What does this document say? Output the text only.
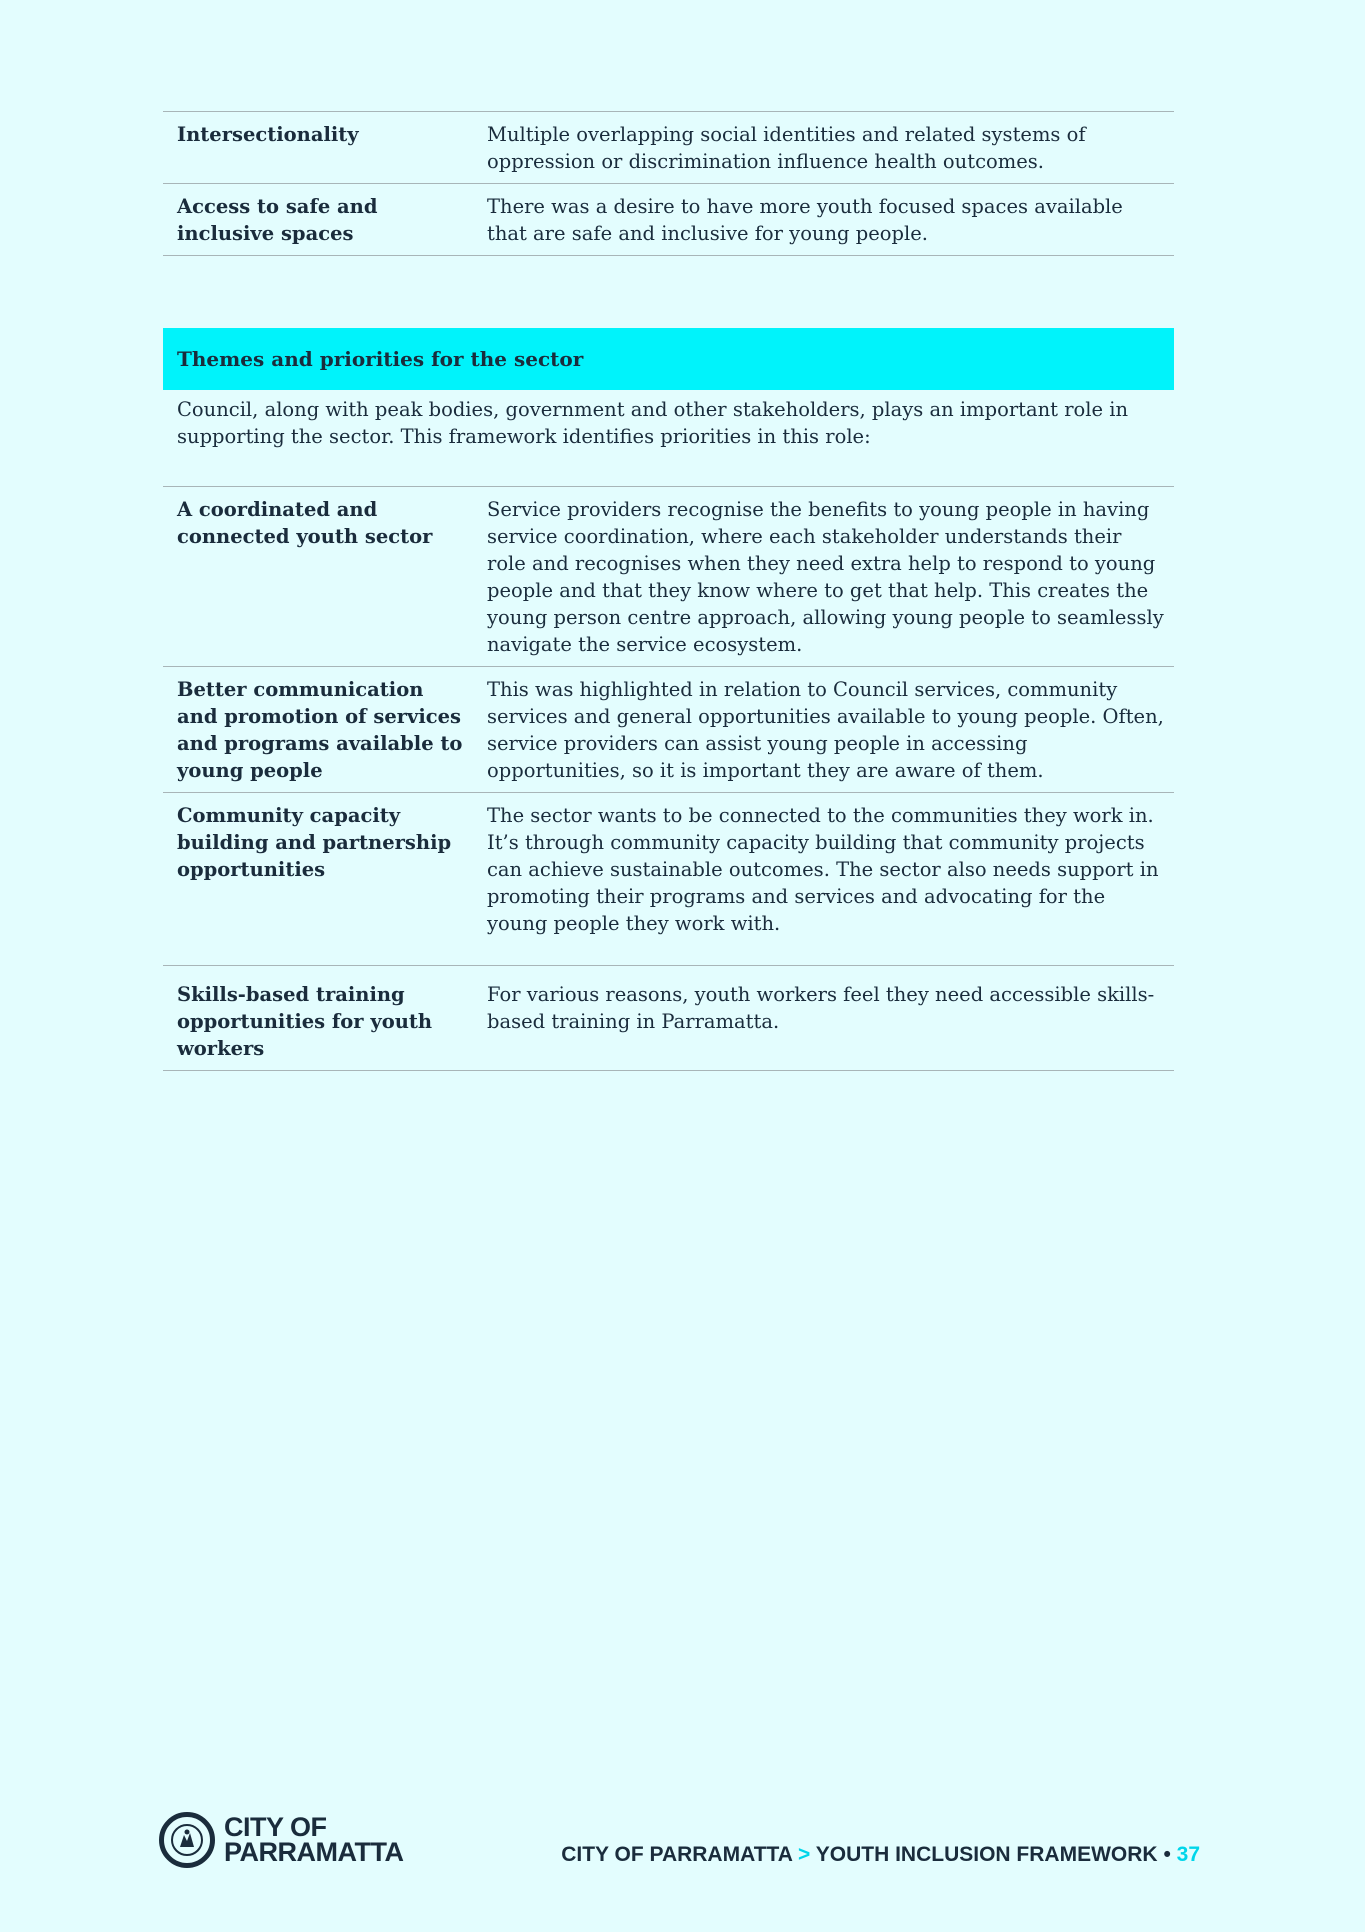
Intersectionality	Multiple overlapping social identities and related systems of oppression or discrimination influence health outcomes.
Access to safe and inclusive spaces
There was a desire to have more youth focused spaces available that are safe and inclusive for young people.
Themes and priorities for the sector
Council, along with peak bodies, government and other stakeholders, plays an important role in supporting the sector. This framework identifies priorities in this role:
A coordinated and connected youth sector
Service providers recognise the benefits to young people in having service coordination, where each stakeholder understands their role and recognises when they need extra help to respond to young people and that they know where to get that help. This creates the young person centre approach, allowing young people to seamlessly navigate the service ecosystem.
Better communication and promotion of services and programs available to young people
This was highlighted in relation to Council services, community services and general opportunities available to young people. Often, service providers can assist young people in accessing opportunities, so it is important they are aware of them.
Community capacity building and partnership opportunities
The sector wants to be connected to the communities they work in. It’s through community capacity building that community projects can achieve sustainable outcomes. The sector also needs support in promoting their programs and services and advocating for the young people they work with.
Skills-based training opportunities for youth workers
For various reasons, youth workers feel they need accessible skills-based training in Parramatta.
CITY OF
PARRAMATTA	CITY OF PARRAMATTA > YOUTH INCLUSION FRAMEWORK • 37
